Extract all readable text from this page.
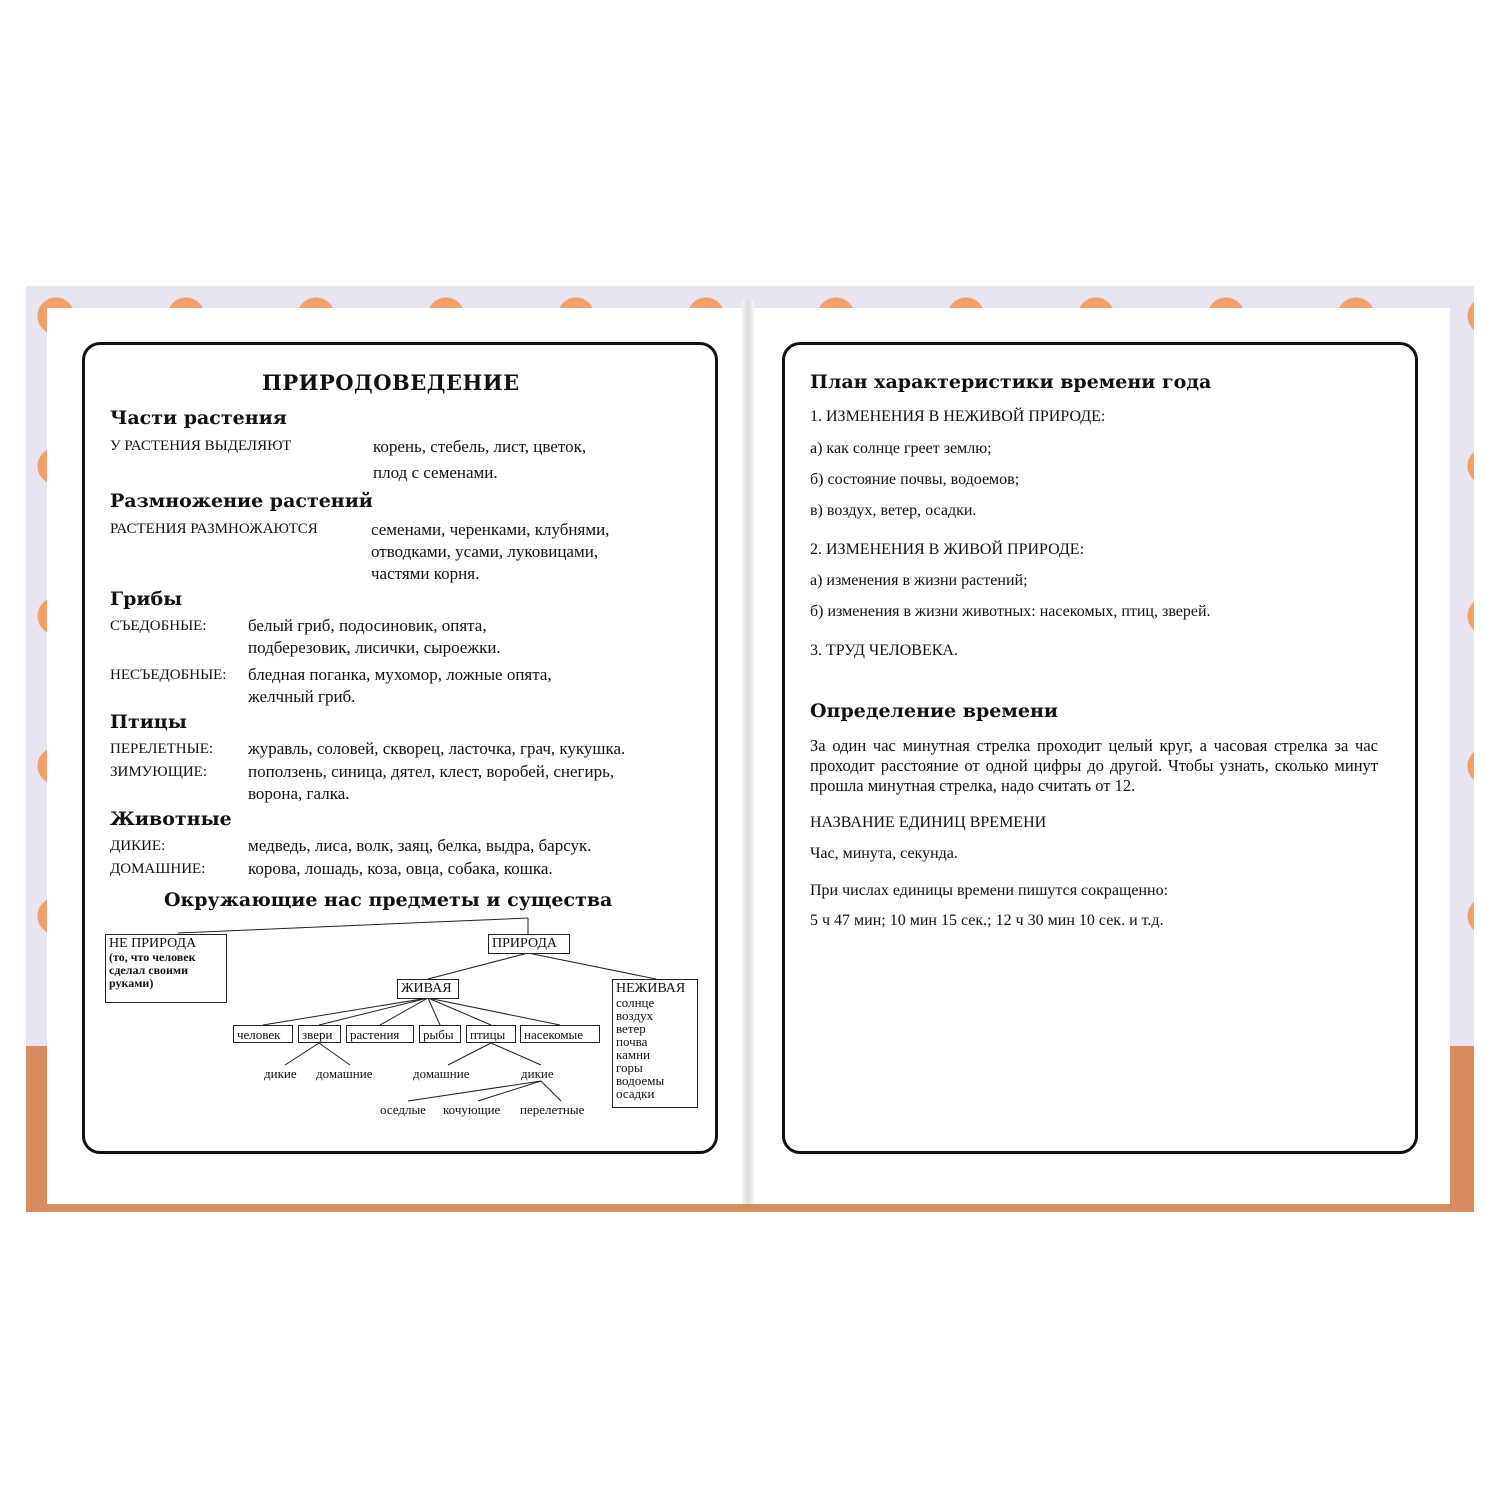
ПРИРОДОВЕДЕНИЕ
Части растения
У РАСТЕНИЯ ВЫДЕЛЯЮТ	корень, стебель, лист, цветок,
плод с семенами.
Размножение растений
РАСТЕНИЯ РАЗМНОЖАЮТСЯ	семенами, черенками, клубнями,
отводками, усами, луковицами,
частями корня.
Грибы
СЪЕДОБНЫЕ: белый гриб, подосиновик, опята,
подберезовик, лисички, сыроежки.
НЕСЪЕДОБНЫЕ: бледная поганка, мухомор, ложные опята,
желчный гриб.
Птицы
ПЕРЕЛЕТНЫЕ: журавль, соловей, скворец, ласточка, грач, кукушка.
ЗИМУЮЩИЕ: поползень, синица, дятел, клест, воробей, снегирь,
ворона, галка.
Животные
ДИКИЕ:	медведь, лиса, волк, заяц, белка, выдра, барсук.
ДОМАШНИЕ:	корова, лошадь, коза, овца, собака, кошка.
Окружающие нас предметы и существа
НЕ ПРИРОДА
(то, что человек
сделал своими
руками)
ПРИРОДА
ЖИВАЯ	НЕЖИВАЯ
солнце
воздух
ветер
почва
камни
горы
водоемы
осадки
человек	звери	растения	рыбы	птицы	насекомые
дикие домашние	домашние	дикие
оседлые кочующие перелетные
План характеристики времени года
1. ИЗМЕНЕНИЯ В НЕЖИВОЙ ПРИРОДЕ:
а) как солнце греет землю;
б) состояние почвы, водоемов;
в) воздух, ветер, осадки.
2. ИЗМЕНЕНИЯ В ЖИВОЙ ПРИРОДЕ:
а) изменения в жизни растений;
б) изменения в жизни животных: насекомых, птиц, зверей.
3. ТРУД ЧЕЛОВЕКА.
Определение времени
За один час минутная стрелка проходит целый круг, а часовая стрелка за час проходит расстояние от одной цифры до другой. Чтобы узнать, сколько минут прошла минутная стрелка, надо считать от 12.
НАЗВАНИЕ ЕДИНИЦ ВРЕМЕНИ
Час, минута, секунда.
При числах единицы времени пишутся сокращенно:
5 ч 47 мин; 10 мин 15 сек.; 12 ч 30 мин 10 сек. и т.д.
